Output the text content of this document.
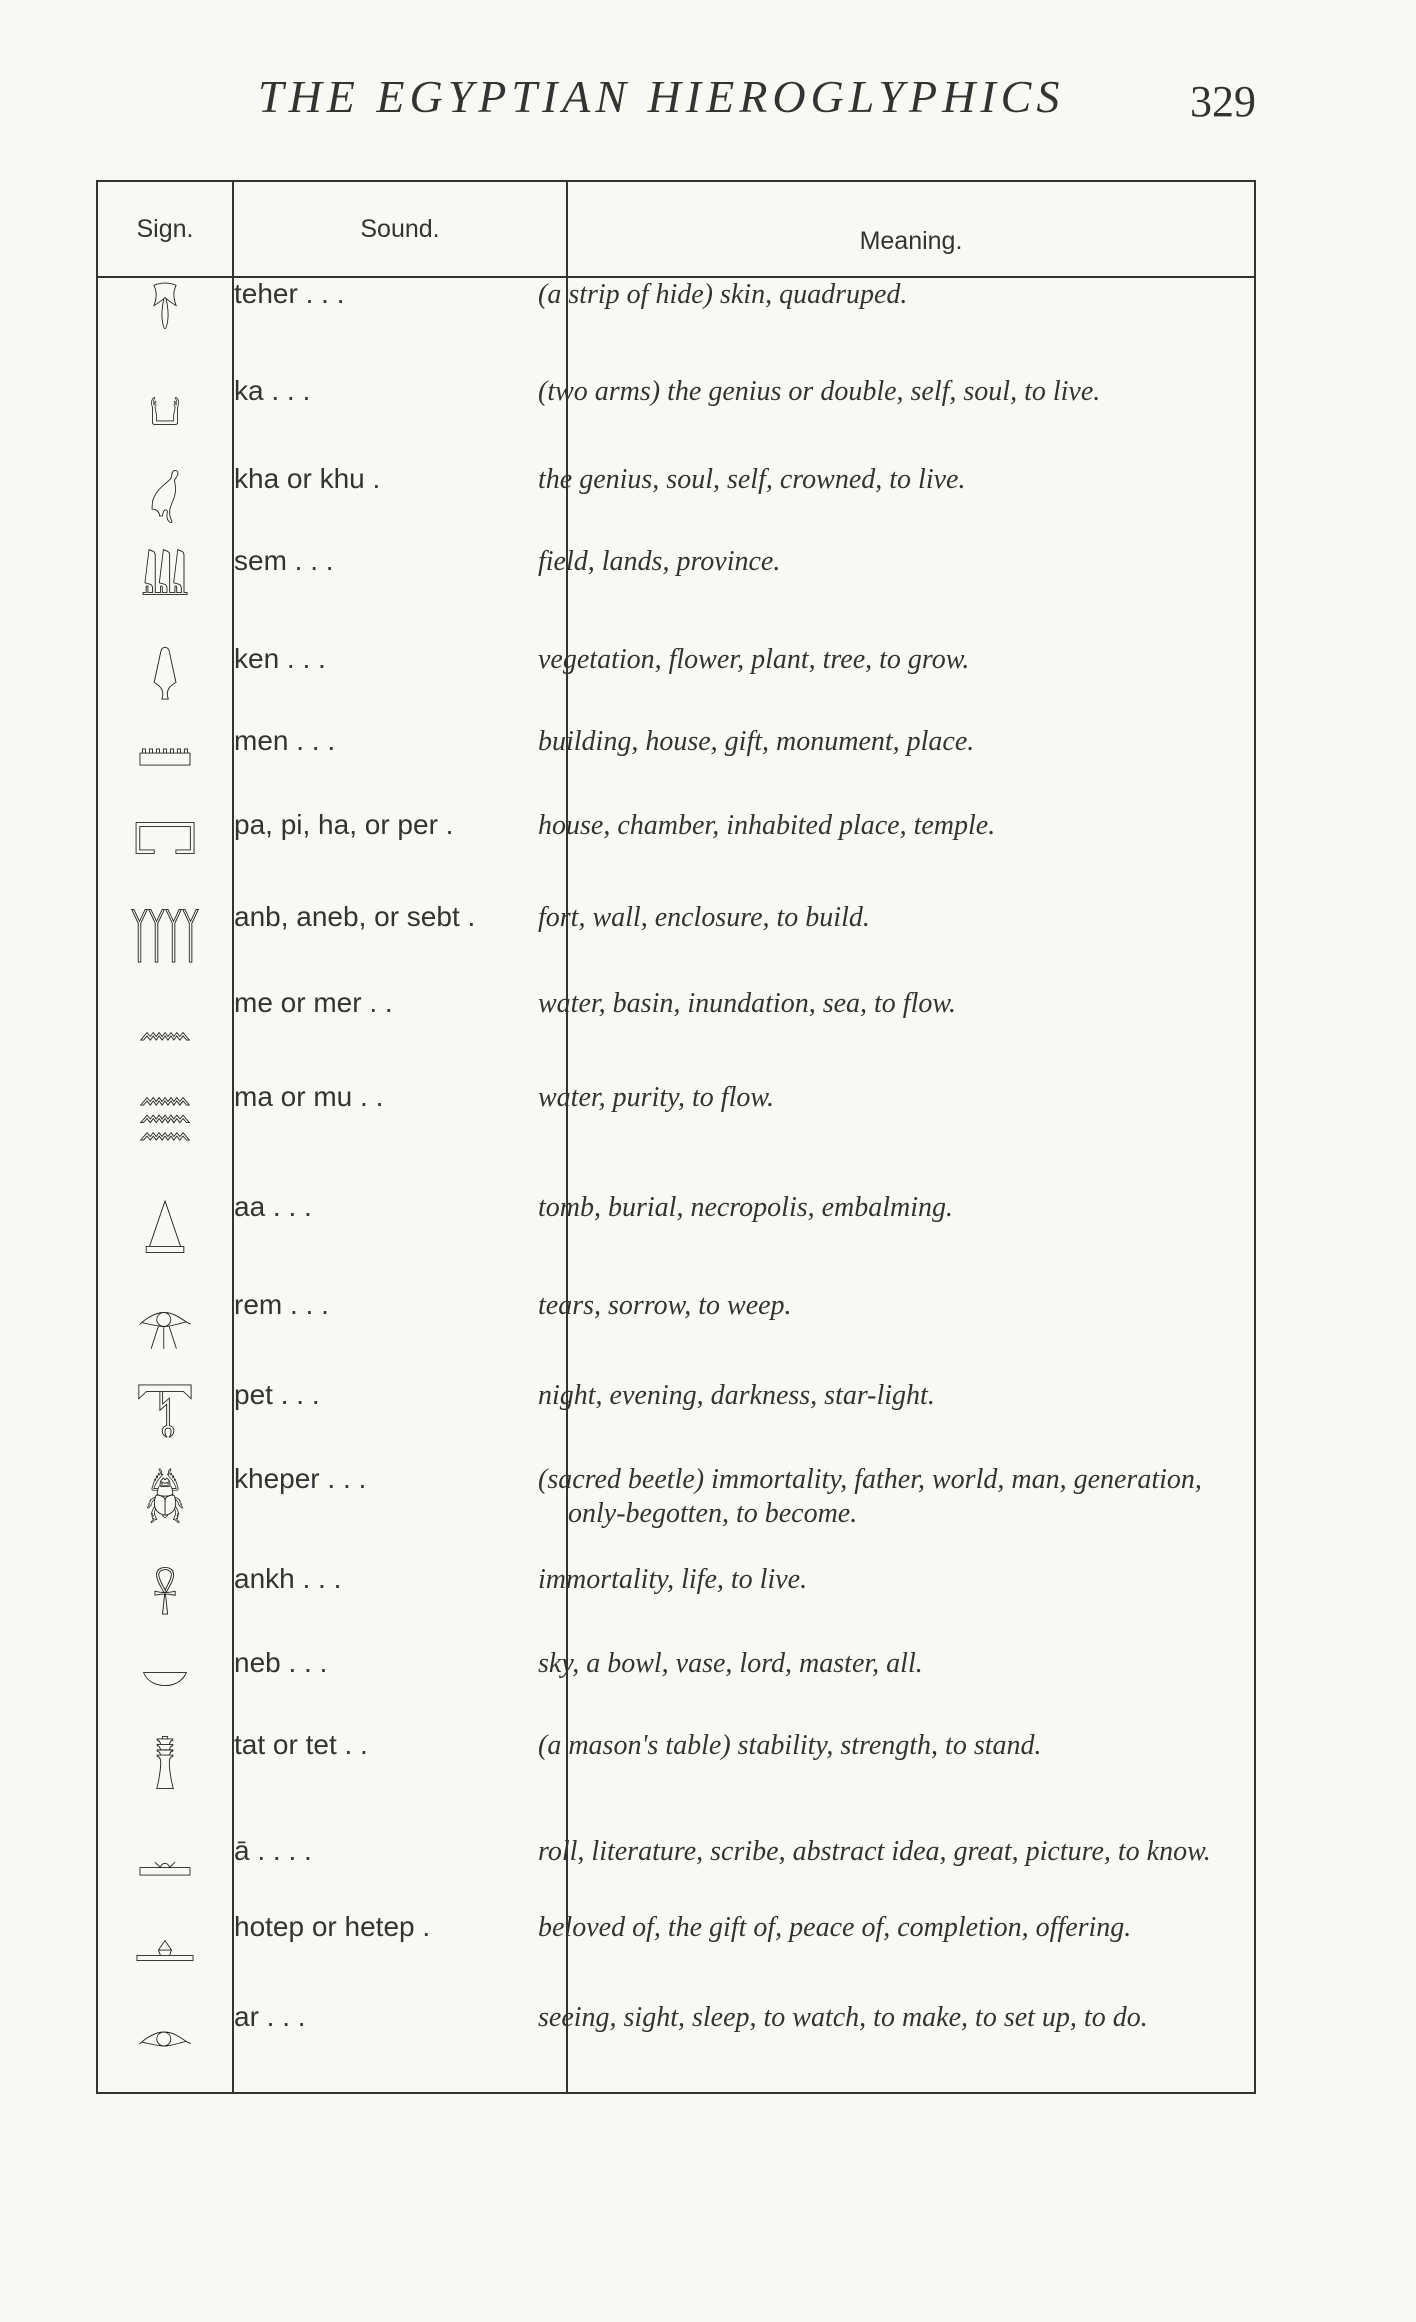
THE EGYPTIAN HIEROGLYPHICS	329
Sign.	Sound.	Meaning.

𓄜	teher . . .	(a strip of hide) skin, quadruped.

𓂓	ka . . .	(two arms) the genius or double, self, soul, to live.

𓋑	kha or khu .	the genius, soul, self, crowned, to live.

𓇏	sem . . .	field, lands, province.

𓆭	ken . . .	vegetation, flower, plant, tree, to grow.

𓏠	men . . .	building, house, gift, monument, place.

𓉐	pa, pi, ha, or per .	house, chamber, inhabited place, temple.

𓉾	anb, aneb, or sebt .	fort, wall, enclosure, to build.

𓈖	me or mer . .	water, basin, inundation, sea, to flow.

𓈗	ma or mu . .	water, purity, to flow.

𓉴	aa . . .	tomb, burial, necropolis, embalming.

𓁿	rem . . .	tears, sorrow, to weep.

𓇰	pet . . .	night, evening, darkness, star-light.

𓆣	kheper . . .	(sacred beetle) immortality, father, world, man, generation, only-begotten, to become.

𓋹	ankh . . .	immortality, life, to live.

𓎟	neb . . .	sky, a bowl, vase, lord, master, all.

𓊽	tat or tet . .	(a mason's table) stability, strength, to stand.

𓏛	ā . . . .	roll, literature, scribe, abstract idea, great, picture, to know.

𓊵	hotep or hetep .	beloved of, the gift of, peace of, completion, offering.

𓁹	ar . . .	seeing, sight, sleep, to watch, to make, to set up, to do.
